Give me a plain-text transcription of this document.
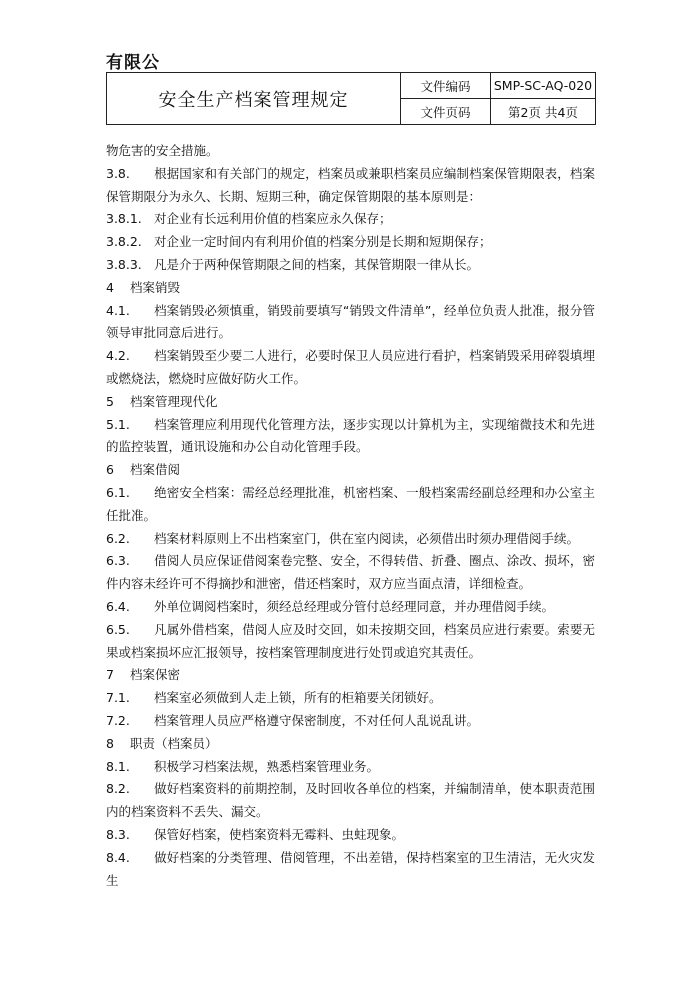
有限公
安全生产档案管理规定	文件编码	SMP-SC-AQ-020
	文件页码	第2页 共4页

物危害的安全措施。

3.8. 根据国家和有关部门的规定，档案员或兼职档案员应编制档案保管期限表，档案保管期限分为永久、长期、短期三种，确定保管期限的基本原则是：

3.8.1. 对企业有长远利用价值的档案应永久保存；

3.8.2. 对企业一定时间内有利用价值的档案分别是长期和短期保存；

3.8.3. 凡是介于两种保管期限之间的档案，其保管期限一律从长。

4 档案销毁

4.1. 档案销毁必须慎重，销毁前要填写“销毁文件清单”，经单位负责人批准，报分管领导审批同意后进行。

4.2. 档案销毁至少要二人进行，必要时保卫人员应进行看护，档案销毁采用碎裂填埋或燃烧法，燃烧时应做好防火工作。

5 档案管理现代化

5.1. 档案管理应利用现代化管理方法，逐步实现以计算机为主，实现缩微技术和先进的监控装置，通讯设施和办公自动化管理手段。

6 档案借阅

6.1. 绝密安全档案：需经总经理批准，机密档案、一般档案需经副总经理和办公室主任批准。

6.2. 档案材料原则上不出档案室门，供在室内阅读，必须借出时须办理借阅手续。

6.3. 借阅人员应保证借阅案卷完整、安全，不得转借、折叠、圈点、涂改、损坏，密件内容未经许可不得摘抄和泄密，借还档案时，双方应当面点清，详细检查。

6.4. 外单位调阅档案时，须经总经理或分管付总经理同意，并办理借阅手续。

6.5. 凡属外借档案，借阅人应及时交回，如未按期交回，档案员应进行索要。索要无果或档案损坏应汇报领导，按档案管理制度进行处罚或追究其责任。

7 档案保密

7.1. 档案室必须做到人走上锁，所有的柜箱要关闭锁好。

7.2. 档案管理人员应严格遵守保密制度，不对任何人乱说乱讲。

8 职责（档案员）

8.1. 积极学习档案法规，熟悉档案管理业务。

8.2. 做好档案资料的前期控制，及时回收各单位的档案，并编制清单，使本职责范围内的档案资料不丢失、漏交。

8.3. 保管好档案，使档案资料无霉料、虫蛀现象。

8.4. 做好档案的分类管理、借阅管理，不出差错，保持档案室的卫生清洁，无火灾发生
